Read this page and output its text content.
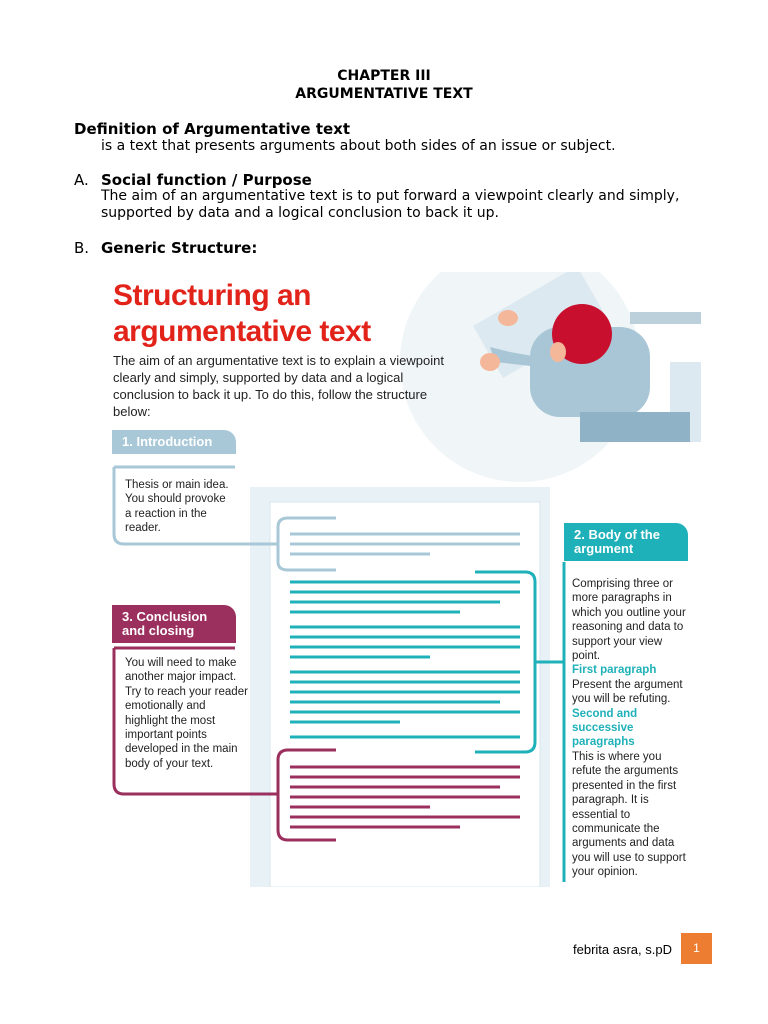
CHAPTER III
ARGUMENTATIVE TEXT
Definition of Argumentative text
is a text that presents arguments about both sides of an issue or subject.
A. Social function / Purpose
The aim of an argumentative text is to put forward a viewpoint clearly and simply, supported by data and a logical conclusion to back it up.
B. Generic Structure:
Structuring an
argumentative text
The aim of an argumentative text is to explain a viewpoint clearly and simply, supported by data and a logical conclusion to back it up. To do this, follow the structure below:
1. Introduction
Thesis or main idea. You should provoke a reaction in the reader.
3. Conclusion and closing
You will need to make another major impact. Try to reach your reader emotionally and highlight the most important points developed in the main body of your text.
2. Body of the argument
Comprising three or more paragraphs in which you outline your reasoning and data to support your view point.
First paragraph
Present the argument you will be refuting.
Second and successive paragraphs
This is where you refute the arguments presented in the first paragraph. It is essential to communicate the arguments and data you will use to support your opinion.
febrita asra, s.pD	1
